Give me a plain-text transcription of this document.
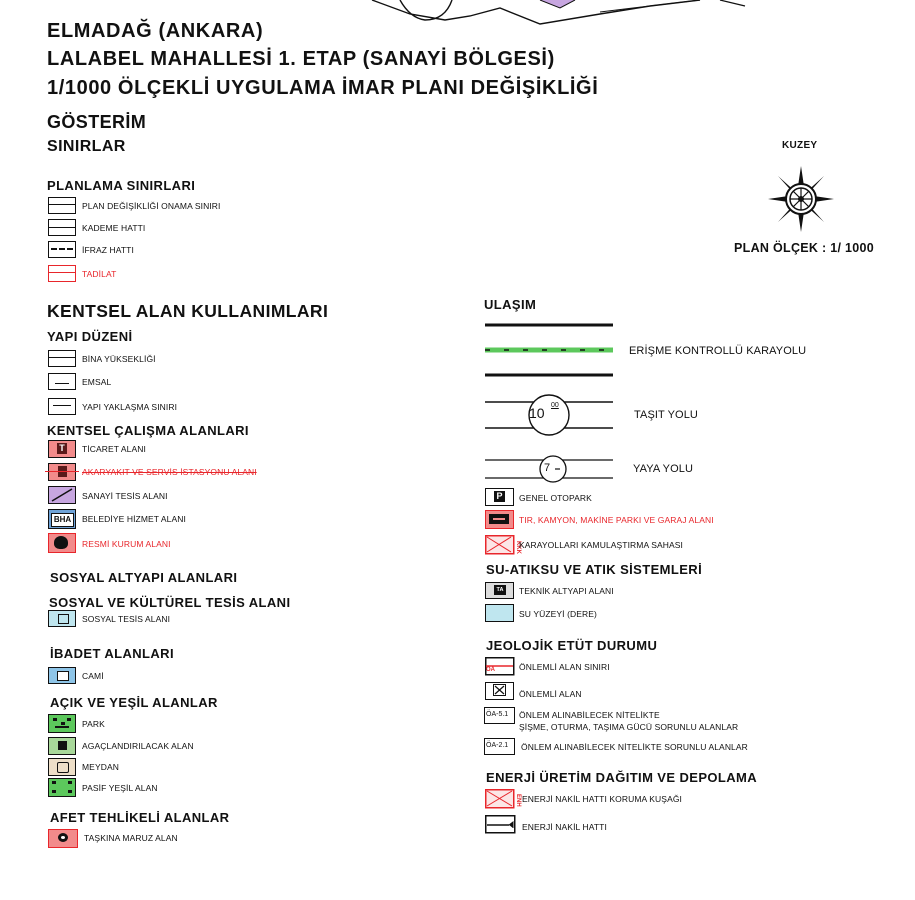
ELMADAĞ (ANKARA)
LALABEL MAHALLESİ 1. ETAP (SANAYİ BÖLGESİ)
1/1000 ÖLÇEKLİ UYGULAMA İMAR PLANI DEĞİŞİKLİĞİ
GÖSTERİM
SINIRLAR	KUZEY
PLAN ÖLÇEK : 1/ 1000
PLANLAMA SINIRLARI
PLAN DEĞİŞİKLİĞİ ONAMA SINIRI
KADEME HATTI
İFRAZ HATTI
TADİLAT
KENTSEL ALAN KULLANIMLARI
YAPI DÜZENİ
BİNA YÜKSEKLİĞİ
EMSAL
YAPI YAKLAŞMA SINIRI
KENTSEL ÇALIŞMA ALANLARI
T TİCARET ALANI
AKARYAKIT VE SERVİS İSTASYONU ALANI
SANAYİ TESİS ALANI
BHA	BELEDİYE HİZMET ALANI
RESMİ KURUM ALANI
SOSYAL ALTYAPI ALANLARI
SOSYAL VE KÜLTÜREL TESİS ALANI
SOSYAL TESİS ALANI
İBADET ALANLARI
CAMİ
AÇIK VE YEŞİL ALANLAR
PARK
AGAÇLANDIRILACAK ALAN
MEYDAN
PASİF YEŞİL ALAN
AFET TEHLİKELİ ALANLAR
TAŞKINA MARUZ ALAN
ULAŞIM
ERİŞME KONTROLLÜ KARAYOLU
10 00
TAŞIT YOLU
7	YAYA YOLU
P GENEL OTOPARK
TIR, KAMYON, MAKİNE PARKI VE GARAJ ALANI
KKK
KARAYOLLARI KAMULAŞTIRMA SAHASI
SU-ATIKSU VE ATIK SİSTEMLERİ
TA TEKNİK ALTYAPI ALANI
SU YÜZEYİ (DERE)
JEOLOJİK ETÜT DURUMU
ÖA	ÖNLEMLİ ALAN SINIRI
ÖNLEMLİ ALAN
ÖA-5.1 ÖNLEM ALINABİLECEK NİTELİKTE
ŞİŞME, OTURMA, TAŞIMA GÜCÜ SORUNLU ALANLAR
ÖA-2.1 ÖNLEM ALINABİLECEK NİTELİKTE SORUNLU ALANLAR
ENERJİ ÜRETİM DAĞITIM VE DEPOLAMA
ENH ENERJİ NAKİL HATTI KORUMA KUŞAĞI
ENERJİ NAKİL HATTI
